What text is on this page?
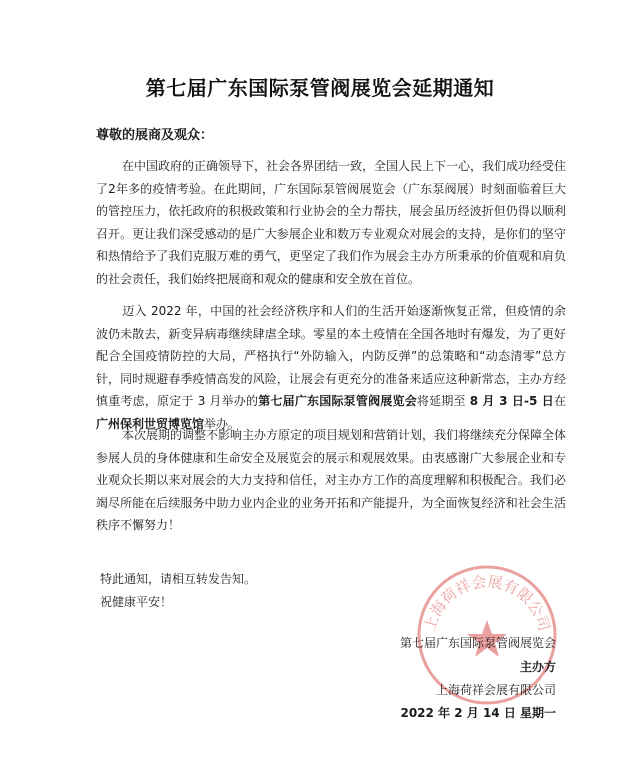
第七届广东国际泵管阀展览会延期通知
尊敬的展商及观众：
在中国政府的正确领导下，社会各界团结一致，全国人民上下一心，我们成功经受住了2年多的疫情考验。在此期间，广东国际泵管阀展览会（广东泵阀展）时刻面临着巨大的管控压力，依托政府的积极政策和行业协会的全力帮扶，展会虽历经波折但仍得以顺利召开。更让我们深受感动的是广大参展企业和数万专业观众对展会的支持，是你们的坚守和热情给予了我们克服万难的勇气，更坚定了我们作为展会主办方所秉承的价值观和肩负的社会责任，我们始终把展商和观众的健康和安全放在首位。
迈入 2022 年，中国的社会经济秩序和人们的生活开始逐渐恢复正常，但疫情的余波仍未散去，新变异病毒继续肆虐全球。零星的本土疫情在全国各地时有爆发，为了更好配合全国疫情防控的大局，严格执行“外防输入，内防反弹”的总策略和“动态清零”总方针，同时规避春季疫情高发的风险，让展会有更充分的准备来适应这种新常态，主办方经慎重考虑，原定于 3 月举办的第七届广东国际泵管阀展览会将延期至 8 月 3 日-5 日在广州保利世贸博览馆举办。
本次展期的调整不影响主办方原定的项目规划和营销计划，我们将继续充分保障全体参展人员的身体健康和生命安全及展览会的展示和观展效果。由衷感谢广大参展企业和专业观众长期以来对展会的大力支持和信任，对主办方工作的高度理解和积极配合。我们必竭尽所能在后续服务中助力业内企业的业务开拓和产能提升，为全面恢复经济和社会生活秩序不懈努力！
特此通知，请相互转发告知。
祝健康平安！
上海荷祥会展有限公司
第七届广东国际泵管阀展览会
主办方
上海荷祥会展有限公司
2022 年 2 月 14 日 星期一
